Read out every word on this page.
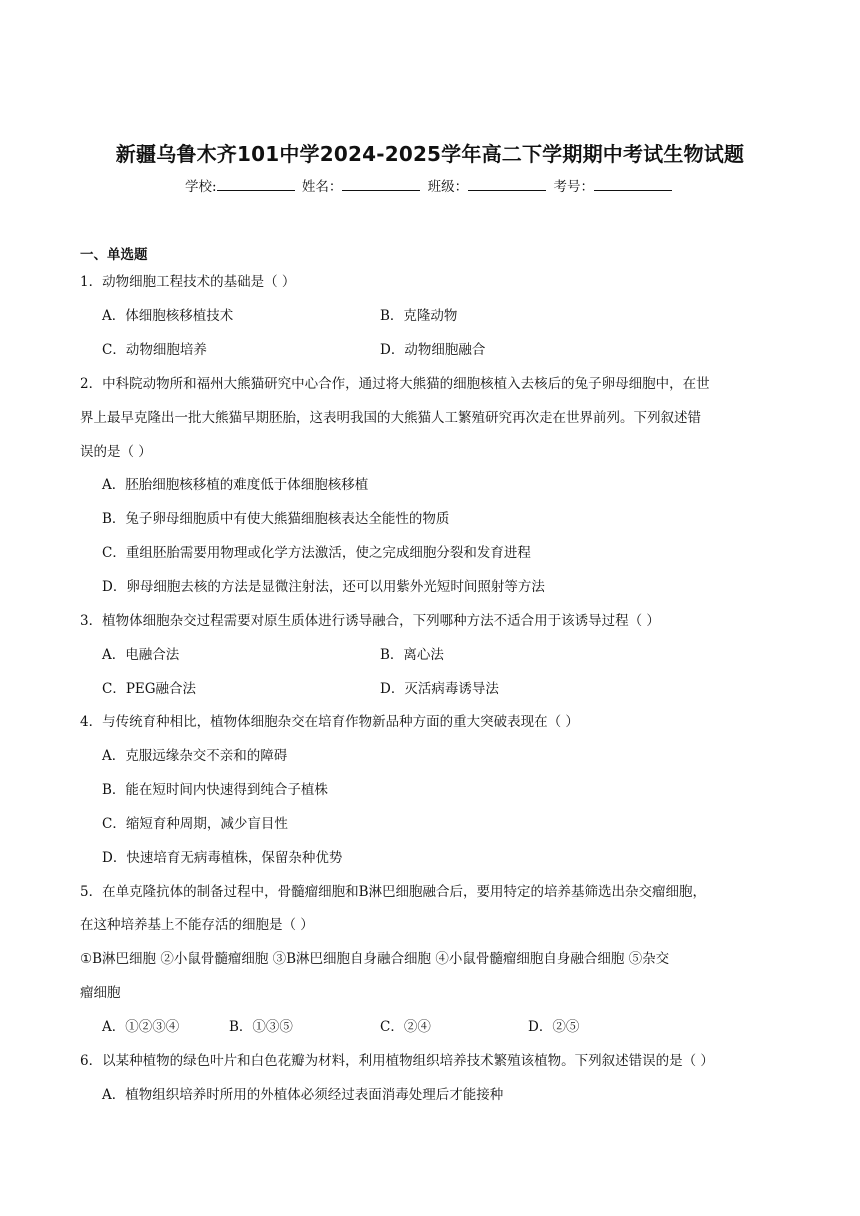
新疆乌鲁木齐101中学2024-2025学年高二下学期期中考试生物试题
学校:	姓名：	班级：	考号：
一、单选题
1．动物细胞工程技术的基础是（ ）
A．体细胞核移植技术	B．克隆动物
C．动物细胞培养	D．动物细胞融合
2．中科院动物所和福州大熊猫研究中心合作，通过将大熊猫的细胞核植入去核后的兔子卵母细胞中，在世
界上最早克隆出一批大熊猫早期胚胎，这表明我国的大熊猫人工繁殖研究再次走在世界前列。下列叙述错
误的是（ ）
A．胚胎细胞核移植的难度低于体细胞核移植
B．兔子卵母细胞质中有使大熊猫细胞核表达全能性的物质
C．重组胚胎需要用物理或化学方法激活，使之完成细胞分裂和发育进程
D．卵母细胞去核的方法是显微注射法，还可以用紫外光短时间照射等方法
3．植物体细胞杂交过程需要对原生质体进行诱导融合，下列哪种方法不适合用于该诱导过程（ ）
A．电融合法	B．离心法
C．PEG融合法	D．灭活病毒诱导法
4．与传统育种相比，植物体细胞杂交在培育作物新品种方面的重大突破表现在（ ）
A．克服远缘杂交不亲和的障碍
B．能在短时间内快速得到纯合子植株
C．缩短育种周期，减少盲目性
D．快速培育无病毒植株，保留杂种优势
5．在单克隆抗体的制备过程中，骨髓瘤细胞和B淋巴细胞融合后，要用特定的培养基筛选出杂交瘤细胞，
在这种培养基上不能存活的细胞是（ ）
①B淋巴细胞 ②小鼠骨髓瘤细胞 ③B淋巴细胞自身融合细胞 ④小鼠骨髓瘤细胞自身融合细胞 ⑤杂交
瘤细胞
A．①②③④	B．①③⑤	C．②④	D．②⑤
6．以某种植物的绿色叶片和白色花瓣为材料，利用植物组织培养技术繁殖该植物。下列叙述错误的是（ ）
A．植物组织培养时所用的外植体必须经过表面消毒处理后才能接种
